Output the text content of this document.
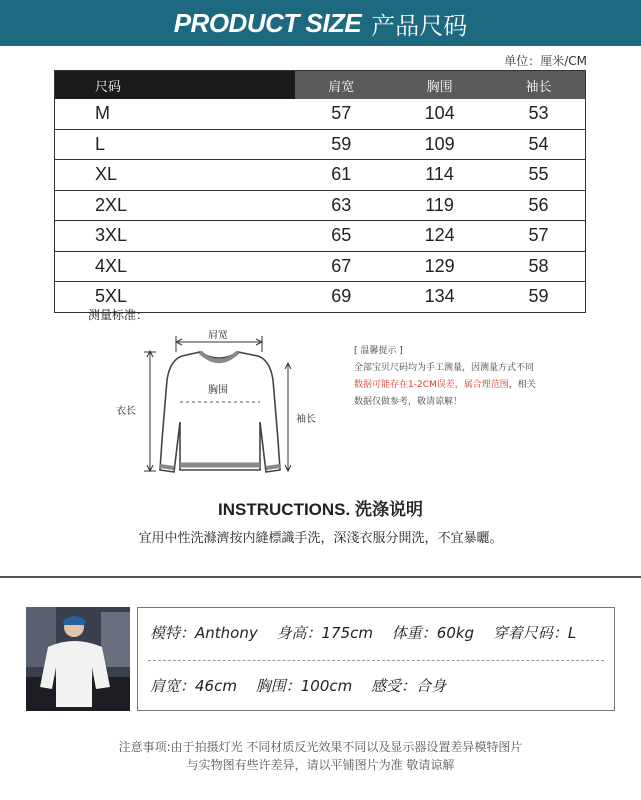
PRODUCT SIZE 产品尺码
单位：厘米/CM
尺码	肩宽	胸围	袖长
M	57	104	53
L	59	109	54
XL	61	114	55
2XL	63	119	56
3XL	65	124	57
4XL	67	129	58
5XL	69	134	59
测量标准：
肩宽
胸围
衣长
袖长
[ 温馨提示 ]
全部宝贝尺码均为手工测量，因测量方式不同
数据可能存在1-2CM误差，属合理范围，相关
数据仅做参考，敬请谅解！
INSTRUCTIONS. 洗涤说明
宜用中性洗滌濟按内縫標識手洗，深淺衣服分開洗，不宜暴曬。
模特：Anthony 身高：175cm 体重：60kg 穿着尺码：L
肩宽：46cm 胸围：100cm 感受：合身
注意事项:由于拍摄灯光 不同材质反光效果不同以及显示器设置差异模特图片
与实物图有些许差异，请以平铺图片为准 敬请谅解
